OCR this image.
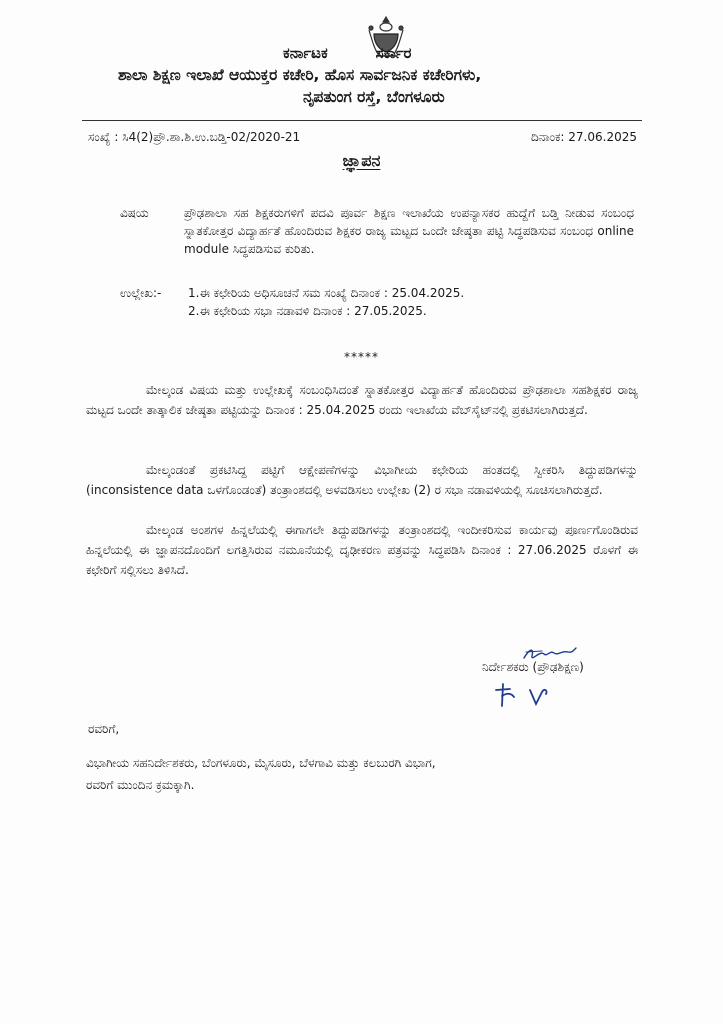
ಕರ್ನಾಟಕ	ಸರ್ಕಾರ
ಶಾಲಾ ಶಿಕ್ಷಣ ಇಲಾಖೆ ಆಯುಕ್ತರ ಕಚೇರಿ, ಹೊಸ ಸಾರ್ವಜನಿಕ ಕಚೇರಿಗಳು,
ನೃಪತುಂಗ ರಸ್ತೆ, ಬೆಂಗಳೂರು
ಸಂಖ್ಯೆ : ಸಿ4(2)ಪ್ರೌ.ಶಾ.ಶಿ.ಉ.ಬಡ್ತಿ-02/2020-21	ದಿನಾಂಕ: 27.06.2025
ಜ್ಞಾಪನ
ವಿಷಯ	ಪ್ರೌಢಶಾಲಾ ಸಹ ಶಿಕ್ಷಕರುಗಳಿಗೆ ಪದವಿ ಪೂರ್ವ ಶಿಕ್ಷಣ ಇಲಾಖೆಯ ಉಪನ್ಯಾಸಕರ ಹುದ್ದೆಗೆ ಬಡ್ತಿ ನೀಡುವ ಸಂಬಂಧ ಸ್ನಾತಕೋತ್ತರ ವಿದ್ಯಾರ್ಹತೆ ಹೊಂದಿರುವ ಶಿಕ್ಷಕರ ರಾಜ್ಯ ಮಟ್ಟದ ಒಂದೇ ಜೇಷ್ಠತಾ ಪಟ್ಟಿ ಸಿದ್ಧಪಡಿಸುವ ಸಂಬಂಧ online module ಸಿದ್ಧಪಡಿಸುವ ಕುರಿತು.
ಉಲ್ಲೇಖ:- 1.ಈ ಕಛೇರಿಯ ಅಧಿಸೂಚನೆ ಸಮ ಸಂಖ್ಯೆ ದಿನಾಂಕ : 25.04.2025.
2.ಈ ಕಛೇರಿಯ ಸಭಾ ನಡಾವಳಿ ದಿನಾಂಕ : 27.05.2025.
*****
ಮೇಲ್ಕಂಡ ವಿಷಯ ಮತ್ತು ಉಲ್ಲೇಖಕ್ಕೆ ಸಂಬಂಧಿಸಿದಂತೆ ಸ್ನಾತಕೋತ್ತರ ವಿದ್ಯಾರ್ಹತೆ ಹೊಂದಿರುವ ಪ್ರೌಢಶಾಲಾ ಸಹಶಿಕ್ಷಕರ ರಾಜ್ಯ ಮಟ್ಟದ ಒಂದೇ ತಾತ್ಕಾಲಿಕ ಜೇಷ್ಠತಾ ಪಟ್ಟಿಯನ್ನು ದಿನಾಂಕ : 25.04.2025 ರಂದು ಇಲಾಖೆಯ ವೆಬ್‌ಸೈಟ್‌ನಲ್ಲಿ ಪ್ರಕಟಿಸಲಾಗಿರುತ್ತದೆ.
ಮೇಲ್ಕಂಡಂತೆ ಪ್ರಕಟಿಸಿದ್ದ ಪಟ್ಟಿಗೆ ಆಕ್ಷೇಪಣೆಗಳನ್ನು ವಿಭಾಗೀಯ ಕಛೇರಿಯ ಹಂತದಲ್ಲಿ ಸ್ವೀಕರಿಸಿ ತಿದ್ದುಪಡಿಗಳನ್ನು (inconsistence data ಒಳಗೊಂಡಂತೆ) ತಂತ್ರಾಂಶದಲ್ಲಿ ಅಳವಡಿಸಲು ಉಲ್ಲೇಖ (2) ರ ಸಭಾ ನಡಾವಳಿಯಲ್ಲಿ ಸೂಚಿಸಲಾಗಿರುತ್ತದೆ.
ಮೇಲ್ಕಂಡ ಅಂಶಗಳ ಹಿನ್ನಲೆಯಲ್ಲಿ ಈಗಾಗಲೇ ತಿದ್ದುಪಡಿಗಳನ್ನು ತಂತ್ರಾಂಶದಲ್ಲಿ ಇಂದೀಕರಿಸುವ ಕಾರ್ಯವು ಪೂರ್ಣಗೊಂಡಿರುವ ಹಿನ್ನಲೆಯಲ್ಲಿ ಈ ಜ್ಞಾಪನದೊಂದಿಗೆ ಲಗತ್ತಿಸಿರುವ ನಮೂನೆಯಲ್ಲಿ ದೃಢೀಕರಣ ಪತ್ರವನ್ನು ಸಿದ್ಧಪಡಿಸಿ ದಿನಾಂಕ : 27.06.2025 ರೊಳಗೆ ಈ ಕಛೇರಿಗೆ ಸಲ್ಲಿಸಲು ತಿಳಿಸಿದೆ.
ನಿರ್ದೇಶಕರು (ಪ್ರೌಢಶಿಕ್ಷಣ)
ರವರಿಗೆ,
ವಿಭಾಗೀಯ ಸಹನಿರ್ದೇಶಕರು, ಬೆಂಗಳೂರು, ಮೈಸೂರು, ಬೆಳಗಾವಿ ಮತ್ತು ಕಲಬುರಗಿ ವಿಭಾಗ,
ರವರಿಗೆ ಮುಂದಿನ ಕ್ರಮಕ್ಕಾಗಿ.
